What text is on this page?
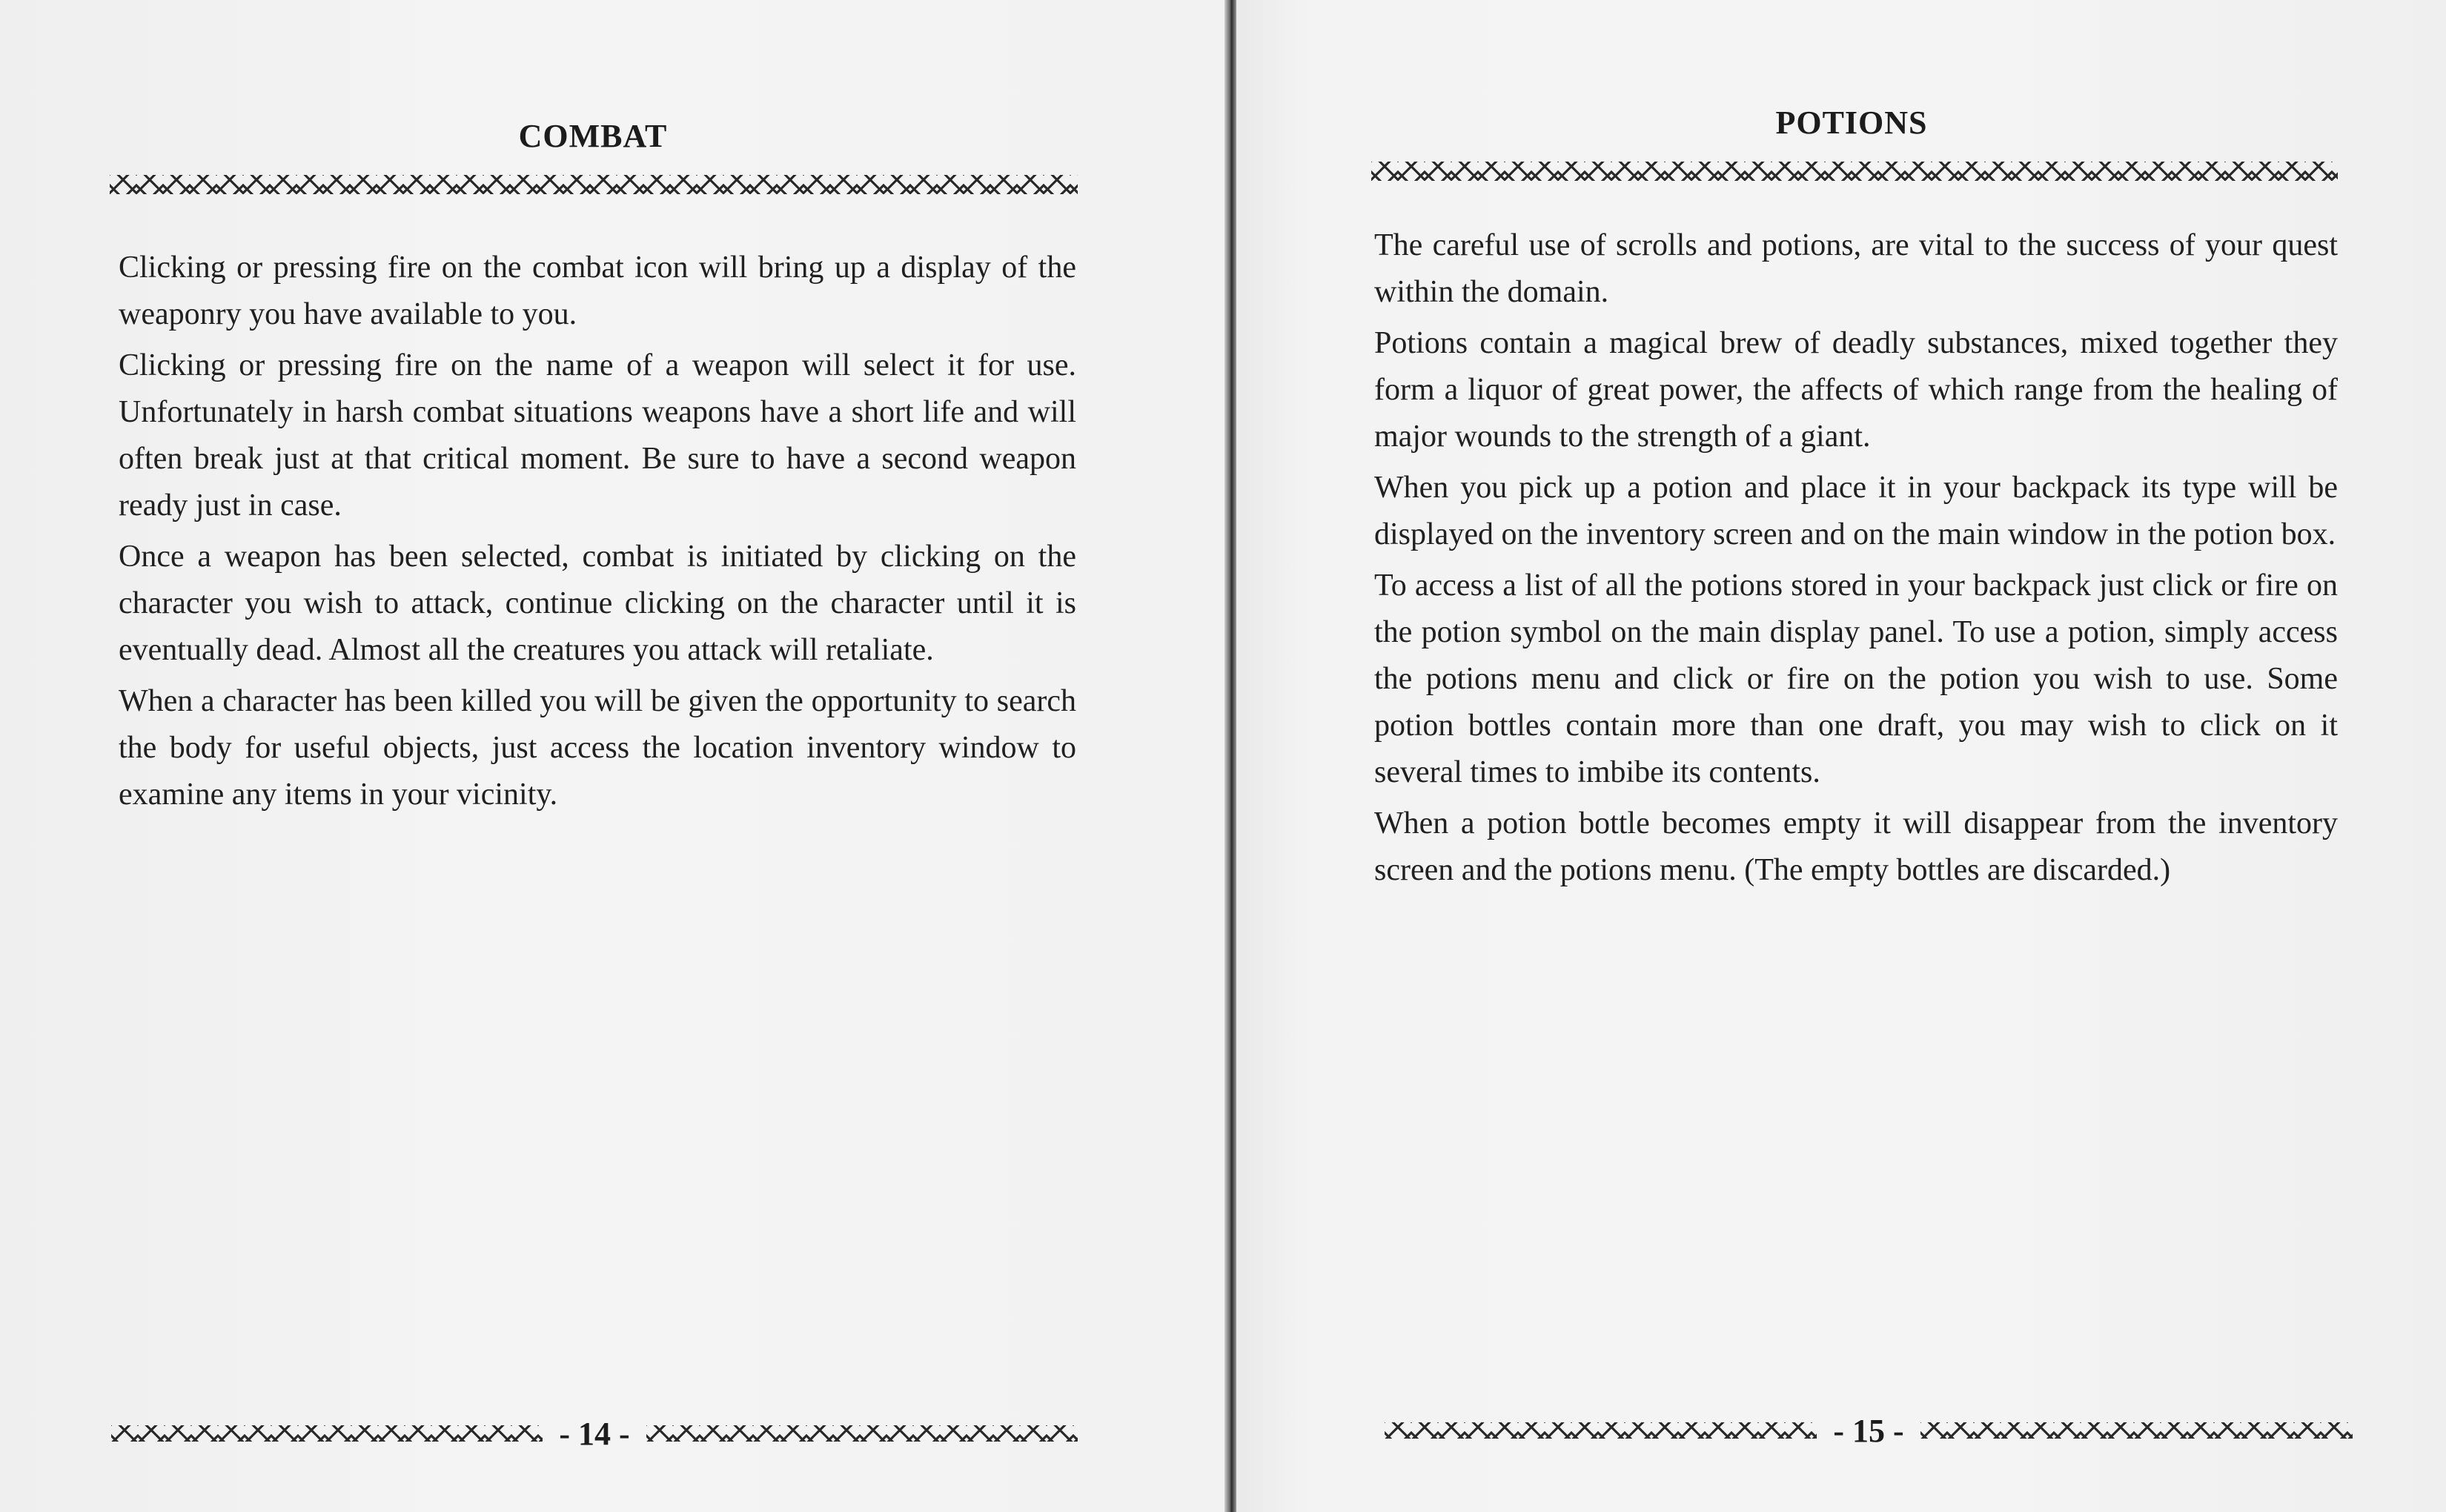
COMBAT

Clicking or pressing fire on the combat icon will bring up a display of the weaponry you have available to you.

Clicking or pressing fire on the name of a weapon will select it for use. Unfortunately in harsh combat situations weapons have a short life and will often break just at that critical moment. Be sure to have a second weapon ready just in case.

Once a weapon has been selected, combat is initiated by clicking on the character you wish to attack, continue clicking on the character until it is eventually dead. Almost all the creatures you attack will retaliate.

When a character has been killed you will be given the opportunity to search the body for useful objects, just access the location inventory window to examine any items in your vicinity.

- 14 -
POTIONS

The careful use of scrolls and potions, are vital to the success of your quest within the domain.

Potions contain a magical brew of deadly substances, mixed together they form a liquor of great power, the affects of which range from the healing of major wounds to the strength of a giant.

When you pick up a potion and place it in your backpack its type will be displayed on the inventory screen and on the main window in the potion box.

To access a list of all the potions stored in your backpack just click or fire on the potion symbol on the main display panel. To use a potion, simply access the potions menu and click or fire on the potion you wish to use. Some potion bottles contain more than one draft, you may wish to click on it several times to imbibe its contents.

When a potion bottle becomes empty it will disappear from the inventory screen and the potions menu. (The empty bottles are discarded.)

- 15 -
